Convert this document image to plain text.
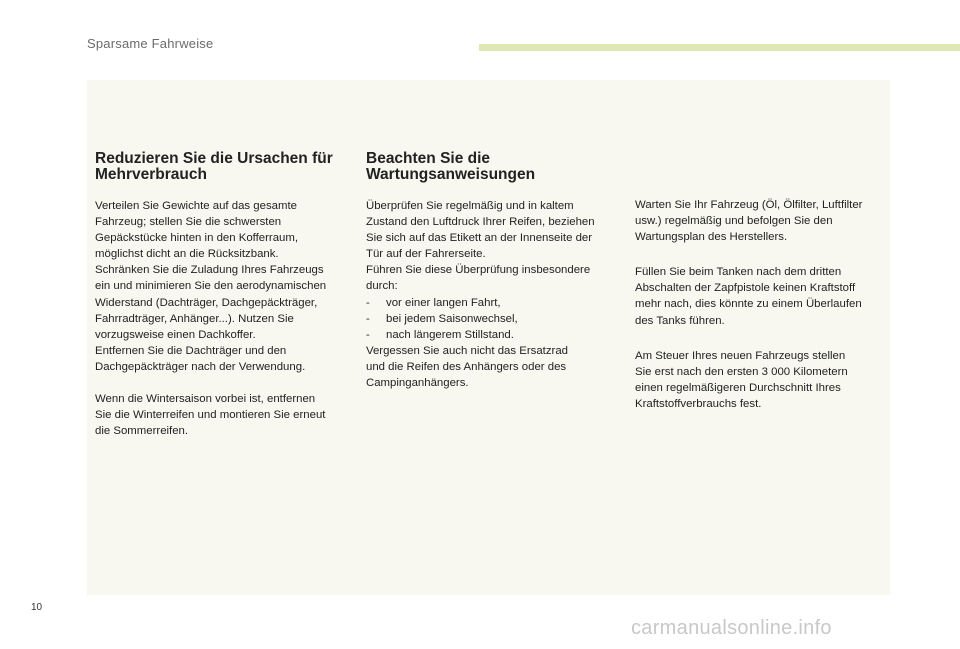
Sparsame Fahrweise
Reduzieren Sie die Ursachen für
Mehrverbrauch

Verteilen Sie Gewichte auf das gesamte
Fahrzeug; stellen Sie die schwersten
Gepäckstücke hinten in den Kofferraum,
möglichst dicht an die Rücksitzbank.
Schränken Sie die Zuladung Ihres Fahrzeugs
ein und minimieren Sie den aerodynamischen
Widerstand (Dachträger, Dachgepäckträger,
Fahrradträger, Anhänger...). Nutzen Sie
vorzugsweise einen Dachkoffer.
Entfernen Sie die Dachträger und den
Dachgepäckträger nach der Verwendung.

Wenn die Wintersaison vorbei ist, entfernen
Sie die Winterreifen und montieren Sie erneut
die Sommerreifen.

Beachten Sie die
Wartungsanweisungen

Überprüfen Sie regelmäßig und in kaltem
Zustand den Luftdruck Ihrer Reifen, beziehen
Sie sich auf das Etikett an der Innenseite der
Tür auf der Fahrerseite.
Führen Sie diese Überprüfung insbesondere
durch:

-	vor einer langen Fahrt,
-	bei jedem Saisonwechsel,
-	nach längerem Stillstand.

Vergessen Sie auch nicht das Ersatzrad
und die Reifen des Anhängers oder des
Campinganhängers.

Warten Sie Ihr Fahrzeug (Öl, Ölfilter, Luftfilter
usw.) regelmäßig und befolgen Sie den
Wartungsplan des Herstellers.

Füllen Sie beim Tanken nach dem dritten
Abschalten der Zapfpistole keinen Kraftstoff
mehr nach, dies könnte zu einem Überlaufen
des Tanks führen.

Am Steuer Ihres neuen Fahrzeugs stellen
Sie erst nach den ersten 3 000 Kilometern
einen regelmäßigeren Durchschnitt Ihres
Kraftstoffverbrauchs fest.

10
carmanualsonline.info
